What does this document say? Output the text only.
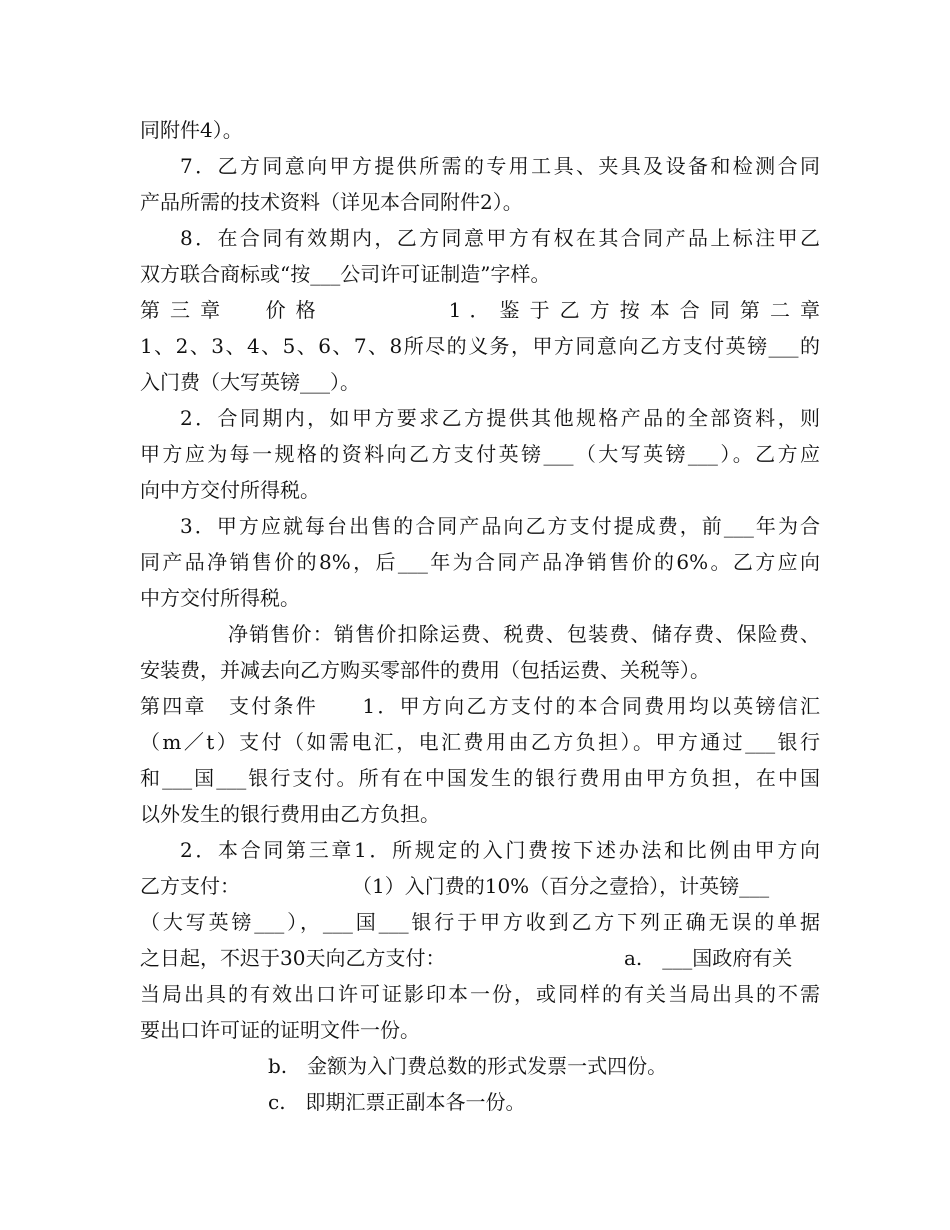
同附件4）。
7．乙方同意向甲方提供所需的专用工具、夹具及设备和检测合同
产品所需的技术资料（详见本合同附件2）。
8．在合同有效期内，乙方同意甲方有权在其合同产品上标注甲乙
双方联合商标或“按___公司许可证制造”字样。
第 三 章　　价 格　　　　　　1 ． 鉴 于 乙 方 按 本 合 同 第 二 章
1、2、3、4、5、6、7、8所尽的义务，甲方同意向乙方支付英镑___的
入门费（大写英镑___）。
2．合同期内，如甲方要求乙方提供其他规格产品的全部资料，则
甲方应为每一规格的资料向乙方支付英镑___（大写英镑___）。乙方应
向中方交付所得税。
3．甲方应就每台出售的合同产品向乙方支付提成费，前___年为合
同产品净销售价的8%，后___年为合同产品净销售价的6%。乙方应向
中方交付所得税。
净销售价：销售价扣除运费、税费、包装费、储存费、保险费、
安装费，并减去向乙方购买零部件的费用（包括运费、关税等）。
第四章　支付条件　　1．甲方向乙方支付的本合同费用均以英镑信汇
（m／t）支付（如需电汇，电汇费用由乙方负担）。甲方通过___银行
和___国___银行支付。所有在中国发生的银行费用由甲方负担，在中国
以外发生的银行费用由乙方负担。
2．本合同第三章1．所规定的入门费按下述办法和比例由甲方向
乙方支付：	（1）入门费的10%（百分之壹拾），计英镑___
（大写英镑___），___国___银行于甲方收到乙方下列正确无误的单据
之日起，不迟于30天向乙方支付：	a.　___国政府有关
当局出具的有效出口许可证影印本一份，或同样的有关当局出具的不需
要出口许可证的证明文件一份。
b.　金额为入门费总数的形式发票一式四份。
c.　即期汇票正副本各一份。
